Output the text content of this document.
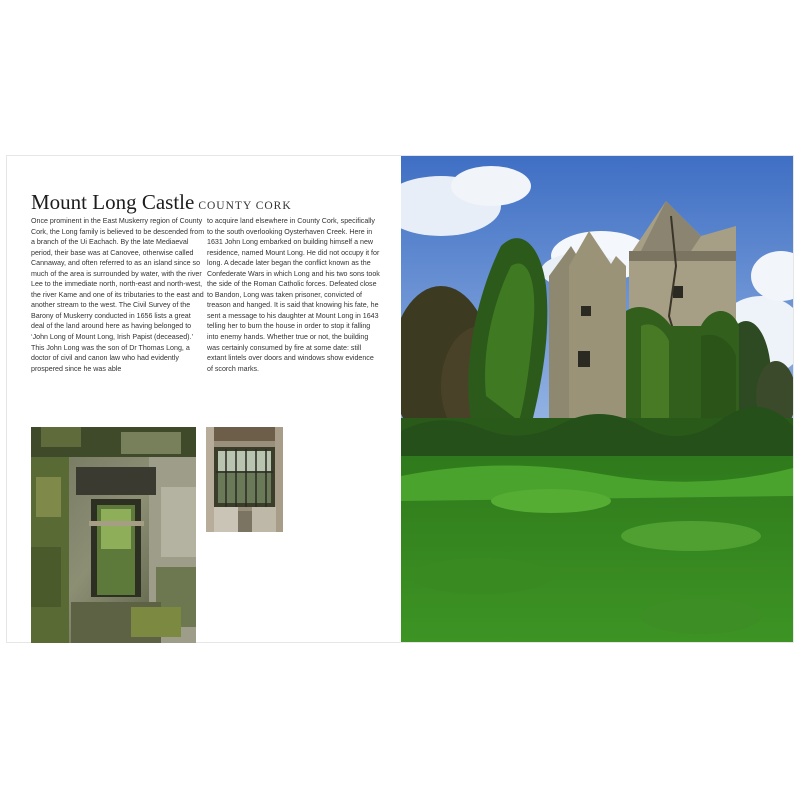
Mount Long Castle COUNTY CORK
Once prominent in the East Muskerry region of County Cork, the Long family is believed to be descended from a branch of the Ui Eachach. By the late Mediaeval period, their base was at Canovee, otherwise called Cannaway, and often referred to as an island since so much of the area is surrounded by water, with the river Lee to the immediate north, north-east and north-west, the river Kame and one of its tributaries to the east and another stream to the west. The Civil Survey of the Barony of Muskerry conducted in 1656 lists a great deal of the land around here as having belonged to ‘John Long of Mount Long, Irish Papist (deceased).’ This John Long was the son of Dr Thomas Long, a doctor of civil and canon law who had evidently prospered since he was able
to acquire land elsewhere in County Cork, specifically to the south overlooking Oysterhaven Creek. Here in 1631 John Long embarked on building himself a new residence, named Mount Long. He did not occupy it for long. A decade later began the conflict known as the Confederate Wars in which Long and his two sons took the side of the Roman Catholic forces. Defeated close to Bandon, Long was taken prisoner, convicted of treason and hanged. It is said that knowing his fate, he sent a message to his daughter at Mount Long in 1643 telling her to burn the house in order to stop it falling into enemy hands. Whether true or not, the building was certainly consumed by fire at some date: still extant lintels over doors and windows show evidence of scorch marks.
